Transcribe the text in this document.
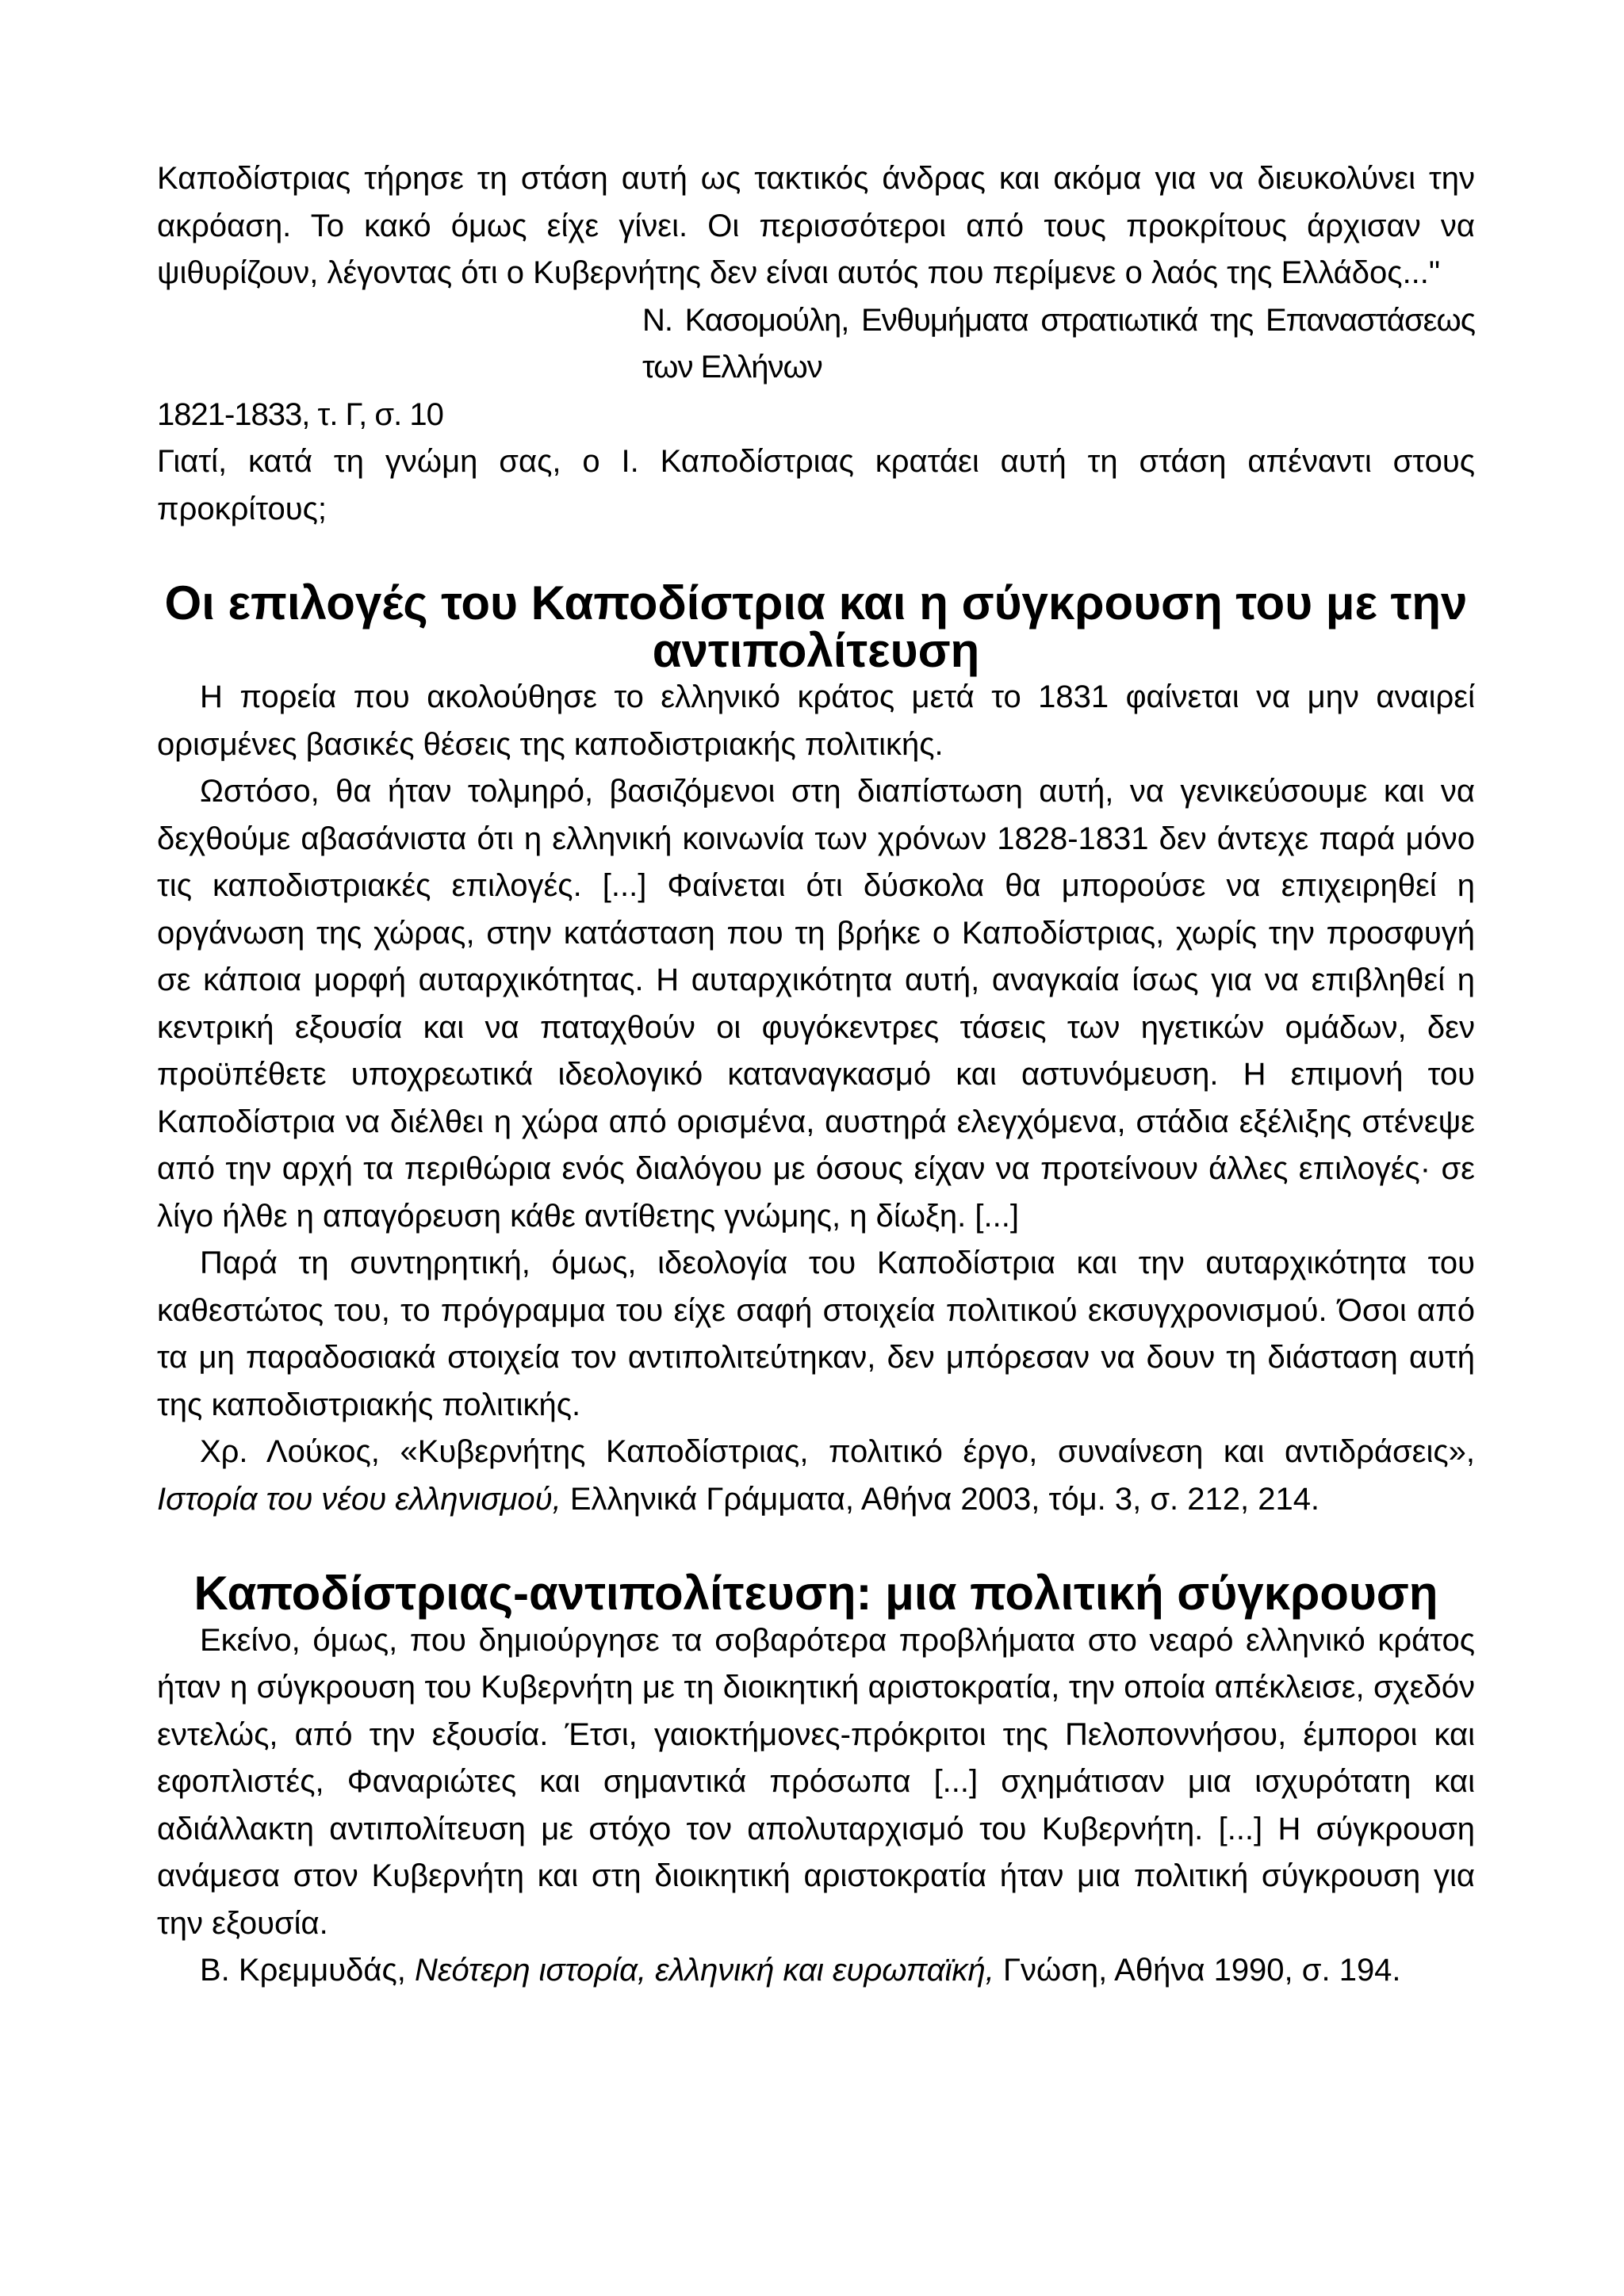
Καποδίστριας τήρησε τη στάση αυτή ως τακτικός άνδρας και ακόμα για να διευκολύνει την ακρόαση. Το κακό όμως είχε γίνει. Οι περισσότεροι από τους προκρίτους άρχισαν να ψιθυρίζουν, λέγοντας ότι ο Κυβερνήτης δεν είναι αυτός που περίμενε ο λαός της Ελλάδος..."

Ν. Κασομούλη, Ενθυμήματα στρατιωτικά της Επαναστάσεως των Ελλήνων

1821-1833, τ. Γ, σ. 10

Γιατί, κατά τη γνώμη σας, ο Ι. Καποδίστριας κρατάει αυτή τη στάση απέναντι στους προκρίτους;

Οι επιλογές του Καποδίστρια και η σύγκρουση του με την αντιπολίτευση

Η πορεία που ακολούθησε το ελληνικό κράτος μετά το 1831 φαίνεται να μην αναιρεί ορισμένες βασικές θέσεις της καποδιστριακής πολιτικής.

Ωστόσο, θα ήταν τολμηρό, βασιζόμενοι στη διαπίστωση αυτή, να γενικεύσουμε και να δεχθούμε αβασάνιστα ότι η ελληνική κοινωνία των χρόνων 1828-1831 δεν άντεχε παρά μόνο τις καποδιστριακές επιλογές. [...] Φαίνεται ότι δύσκολα θα μπορούσε να επιχειρηθεί η οργάνωση της χώρας, στην κατάσταση που τη βρήκε ο Καποδίστριας, χωρίς την προσφυγή σε κάποια μορφή αυταρχικότητας. Η αυταρχικότητα αυτή, αναγκαία ίσως για να επιβληθεί η κεντρική εξουσία και να παταχθούν οι φυγόκεντρες τάσεις των ηγετικών ομάδων, δεν προϋπέθετε υποχρεωτικά ιδεολογικό καταναγκασμό και αστυνόμευση. Η επιμονή του Καποδίστρια να διέλθει η χώρα από ορισμένα, αυστηρά ελεγχόμενα, στάδια εξέλιξης στένεψε από την αρχή τα περιθώρια ενός διαλόγου με όσους είχαν να προτείνουν άλλες επιλογές· σε λίγο ήλθε η απαγόρευση κάθε αντίθετης γνώμης, η δίωξη. [...]

Παρά τη συντηρητική, όμως, ιδεολογία του Καποδίστρια και την αυταρχικότητα του καθεστώτος του, το πρόγραμμα του είχε σαφή στοιχεία πολιτικού εκσυγχρονισμού. Όσοι από τα μη παραδοσιακά στοιχεία τον αντιπολιτεύτηκαν, δεν μπόρεσαν να δουν τη διάσταση αυτή της καποδιστριακής πολιτικής.

Χρ. Λούκος, «Κυβερνήτης Καποδίστριας, πολιτικό έργο, συναίνεση και αντιδράσεις», Ιστορία του νέου ελληνισμού, Ελληνικά Γράμματα, Αθήνα 2003, τόμ. 3, σ. 212, 214.

Καποδίστριας-αντιπολίτευση: μια πολιτική σύγκρουση

Εκείνο, όμως, που δημιούργησε τα σοβαρότερα προβλήματα στο νεαρό ελληνικό κράτος ήταν η σύγκρουση του Κυβερνήτη με τη διοικητική αριστοκρατία, την οποία απέκλεισε, σχεδόν εντελώς, από την εξουσία. Έτσι, γαιοκτήμονες-πρόκριτοι της Πελοποννήσου, έμποροι και εφοπλιστές, Φαναριώτες και σημαντικά πρόσωπα [...] σχημάτισαν μια ισχυρότατη και αδιάλλακτη αντιπολίτευση με στόχο τον απολυταρχισμό του Κυβερνήτη. [...] Η σύγκρουση ανάμεσα στον Κυβερνήτη και στη διοικητική αριστοκρατία ήταν μια πολιτική σύγκρουση για την εξουσία.

Β. Κρεμμυδάς, Νεότερη ιστορία, ελληνική και ευρωπαϊκή, Γνώση, Αθήνα 1990, σ. 194.
